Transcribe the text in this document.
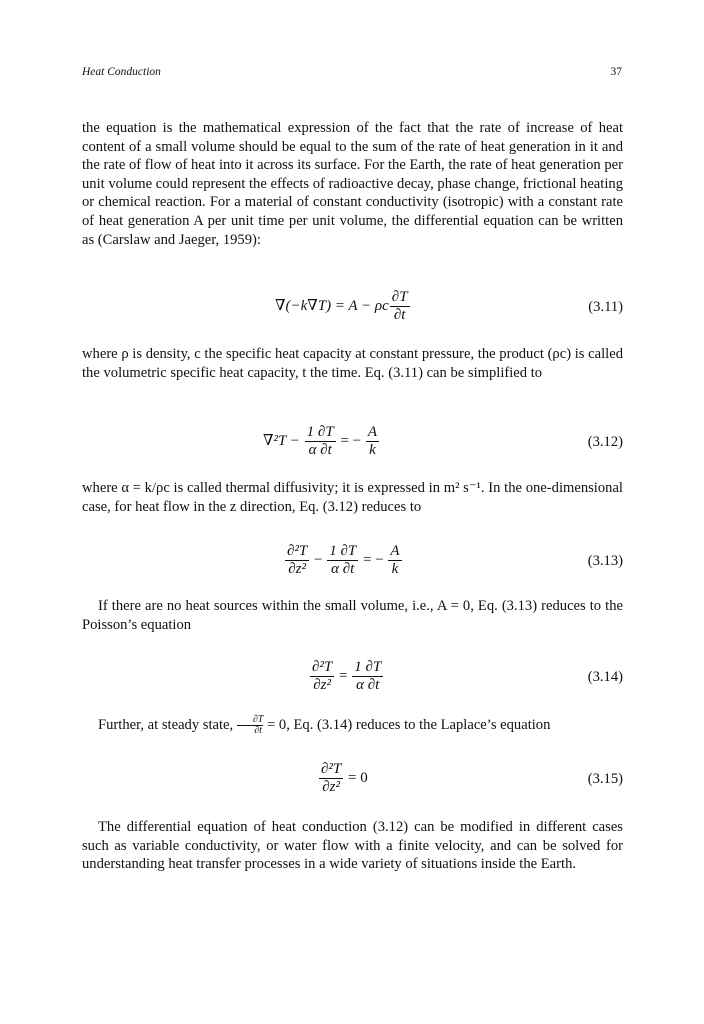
Heat Conduction	37

the equation is the mathematical expression of the fact that the rate of increase of heat content of a small volume should be equal to the sum of the rate of heat generation in it and the rate of flow of heat into it across its surface. For the Earth, the rate of heat generation per unit volume could represent the effects of radioactive decay, phase change, frictional heating or chemical reaction. For a material of constant conductivity (isotropic) with a constant rate of heat generation A per unit time per unit volume, the differential equation can be written as (Carslaw and Jaeger, 1959):

∇(−k∇T) = A − ρc $\frac{\partial T}{\partial t}$	(3.11)

where ρ is density, c the specific heat capacity at constant pressure, the product (ρc) is called the volumetric specific heat capacity, t the time. Eq. (3.11) can be simplified to

$\nabla^2T - \frac{1 \partial T}{\alpha \partial t}$ = − $\frac{A}{k}$	(3.12)

where α = k/ρc is called thermal diffusivity; it is expressed in m² s⁻¹. In the one-dimensional case, for heat flow in the z direction, Eq. (3.12) reduces to

$\frac{\text{∂²T}}{\text{∂z²}} - \frac{1 \partial T}{\alpha \partial t}$ = − $\frac{A}{k}$	(3.13)

If there are no heat sources within the small volume, i.e., A = 0, Eq. (3.13) reduces to the Poisson’s equation

$\frac{\text{∂²T}}{\text{∂z²}} = \frac{1 \partial T}{\alpha \partial t}$	(3.14)

Further, at steady state, $\frac{\partial T}{\partial t} = 0$, Eq. (3.14) reduces to the Laplace’s equation

$\frac{\text{∂²T}}{\text{∂z²}} = 0$	(3.15)

The differential equation of heat conduction (3.12) can be modified in different cases such as variable conductivity, or water flow with a finite velocity, and can be solved for understanding heat transfer processes in a wide variety of situations inside the Earth.
